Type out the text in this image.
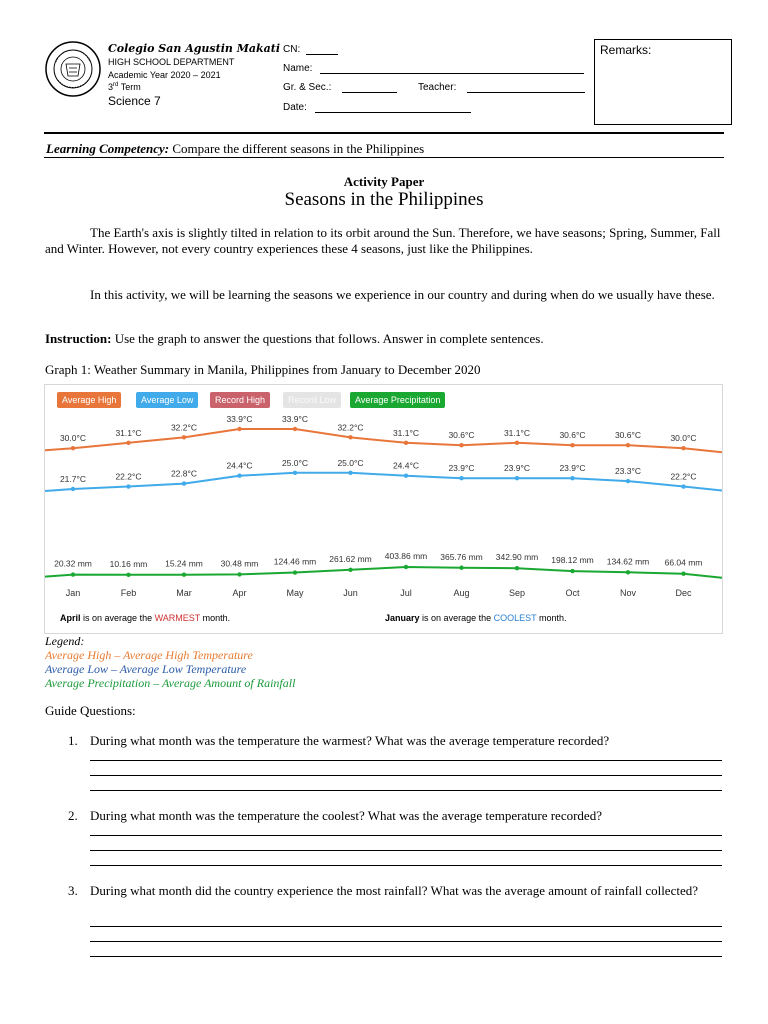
Colegio San Agustin Makati
HIGH SCHOOL DEPARTMENT
Academic Year 2020 – 2021
3rd Term
Science 7
CN:
Name:
Gr. & Sec.:	Teacher:
Date:
Remarks:
Learning Competency: Compare the different seasons in the Philippines
Activity Paper
Seasons in the Philippines
The Earth's axis is slightly tilted in relation to its orbit around the Sun. Therefore, we have seasons; Spring, Summer, Fall and Winter. However, not every country experiences these 4 seasons, just like the Philippines.
In this activity, we will be learning the seasons we experience in our country and during when do we usually have these.
Instruction: Use the graph to answer the questions that follows. Answer in complete sentences.
Graph 1: Weather Summary in Manila, Philippines from January to December 2020
Average High	Average Low	Record High	Record Low	Average Precipitation
April is on average the WARMEST month.	January is on average the COOLEST month.
30.0°C
31.1°C
32.2°C
33.9°C	33.9°C
32.2°C
31.1°C	30.6°C	31.1°C	30.6°C	30.6°C	30.0°C
21.7°C	22.2°C	22.8°C
24.4°C	25.0°C	25.0°C	24.4°C	23.9°C	23.9°C	23.9°C	23.3°C
22.2°C
20.32 mm 10.16 mm 15.24 mm 30.48 mm 124.46 mm 261.62 mm 403.86 mm 365.76 mm 342.90 mm 198.12 mm 134.62 mm 66.04 mm
Jan	Feb	Mar	Apr	May	Jun	Jul	Aug	Sep	Oct	Nov	Dec
Legend:
Average High – Average High Temperature
Average Low – Average Low Temperature
Average Precipitation – Average Amount of Rainfall
Guide Questions:
1. During what month was the temperature the warmest? What was the average temperature recorded?
2. During what month was the temperature the coolest? What was the average temperature recorded?
3. During what month did the country experience the most rainfall? What was the average amount of rainfall collected?
